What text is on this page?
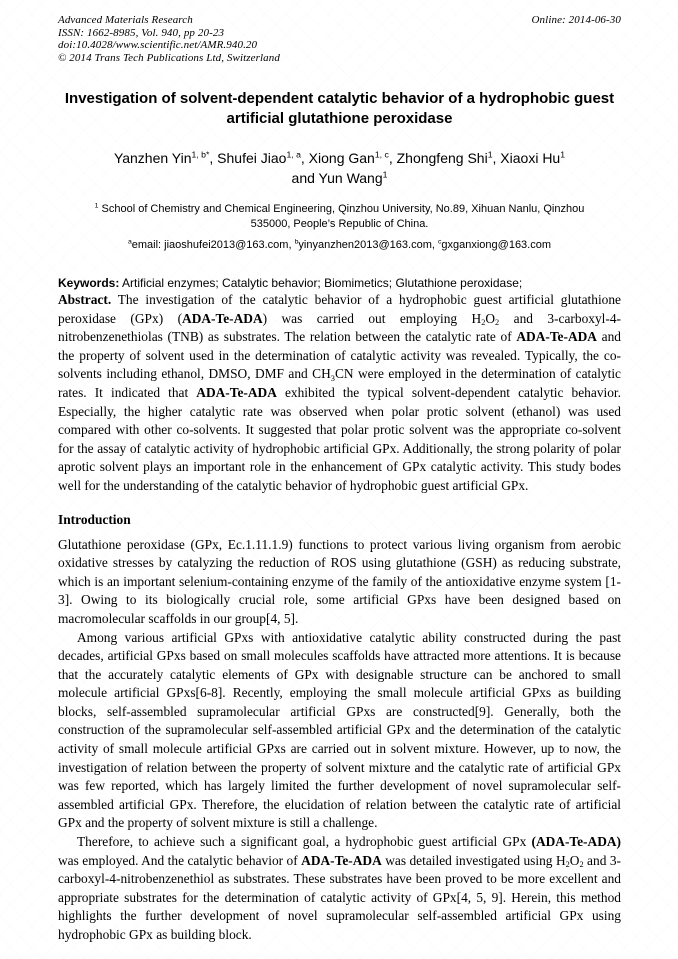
Advanced Materials Research
ISSN: 1662-8985, Vol. 940, pp 20-23
doi:10.4028/www.scientific.net/AMR.940.20
© 2014 Trans Tech Publications Ltd, Switzerland
Online: 2014-06-30
Investigation of solvent-dependent catalytic behavior of a hydrophobic guest artificial glutathione peroxidase
Yanzhen Yin$^{1, b*}$, Shufei Jiao$^{1, a}$, Xiong Gan$^{1, c}$, Zhongfeng Shi$^1$, Xiaoxi Hu$^1$
and Yun Wang$^1$
$^1$ School of Chemistry and Chemical Engineering, Qinzhou University, No.89, Xihuan Nanlu, Qinzhou 535000, People’s Republic of China.
$^a$email: jiaoshufei2013@163.com, $^b$yinyanzhen2013@163.com, $^c$gxganxiong@163.com
Keywords: Artificial enzymes; Catalytic behavior; Biomimetics; Glutathione peroxidase;

Abstract. The investigation of the catalytic behavior of a hydrophobic guest artificial glutathione peroxidase (GPx) (ADA-Te-ADA) was carried out employing $H_2O_2$ and 3-carboxyl-4-nitrobenzenethiolas (TNB) as substrates. The relation between the catalytic rate of ADA-Te-ADA and the property of solvent used in the determination of catalytic activity was revealed. Typically, the co-solvents including ethanol, DMSO, DMF and $CH_3CN$ were employed in the determination of catalytic rates. It indicated that ADA-Te-ADA exhibited the typical solvent-dependent catalytic behavior. Especially, the higher catalytic rate was observed when polar protic solvent (ethanol) was used compared with other co-solvents. It suggested that polar protic solvent was the appropriate co-solvent for the assay of catalytic activity of hydrophobic artificial GPx. Additionally, the strong polarity of polar aprotic solvent plays an important role in the enhancement of GPx catalytic activity. This study bodes well for the understanding of the catalytic behavior of hydrophobic guest artificial GPx.

Introduction

Glutathione peroxidase (GPx, Ec.1.11.1.9) functions to protect various living organism from aerobic oxidative stresses by catalyzing the reduction of ROS using glutathione (GSH) as reducing substrate, which is an important selenium-containing enzyme of the family of the antioxidative enzyme system [1-3]. Owing to its biologically crucial role, some artificial GPxs have been designed based on macromolecular scaffolds in our group[4, 5].

Among various artificial GPxs with antioxidative catalytic ability constructed during the past decades, artificial GPxs based on small molecules scaffolds have attracted more attentions. It is because that the accurately catalytic elements of GPx with designable structure can be anchored to small molecule artificial GPxs[6-8]. Recently, employing the small molecule artificial GPxs as building blocks, self-assembled supramolecular artificial GPxs are constructed[9]. Generally, both the construction of the supramolecular self-assembled artificial GPx and the determination of the catalytic activity of small molecule artificial GPxs are carried out in solvent mixture. However, up to now, the investigation of relation between the property of solvent mixture and the catalytic rate of artificial GPx was few reported, which has largely limited the further development of novel supramolecular self-assembled artificial GPx. Therefore, the elucidation of relation between the catalytic rate of artificial GPx and the property of solvent mixture is still a challenge.

Therefore, to achieve such a significant goal, a hydrophobic guest artificial GPx (ADA-Te-ADA) was employed. And the catalytic behavior of ADA-Te-ADA was detailed investigated using $H_2O_2$ and 3-carboxyl-4-nitrobenzenethiol as substrates. These substrates have been proved to be more excellent and appropriate substrates for the determination of catalytic activity of GPx[4, 5, 9]. Herein, this method highlights the further development of novel supramolecular self-assembled artificial GPx using hydrophobic GPx as building block.
